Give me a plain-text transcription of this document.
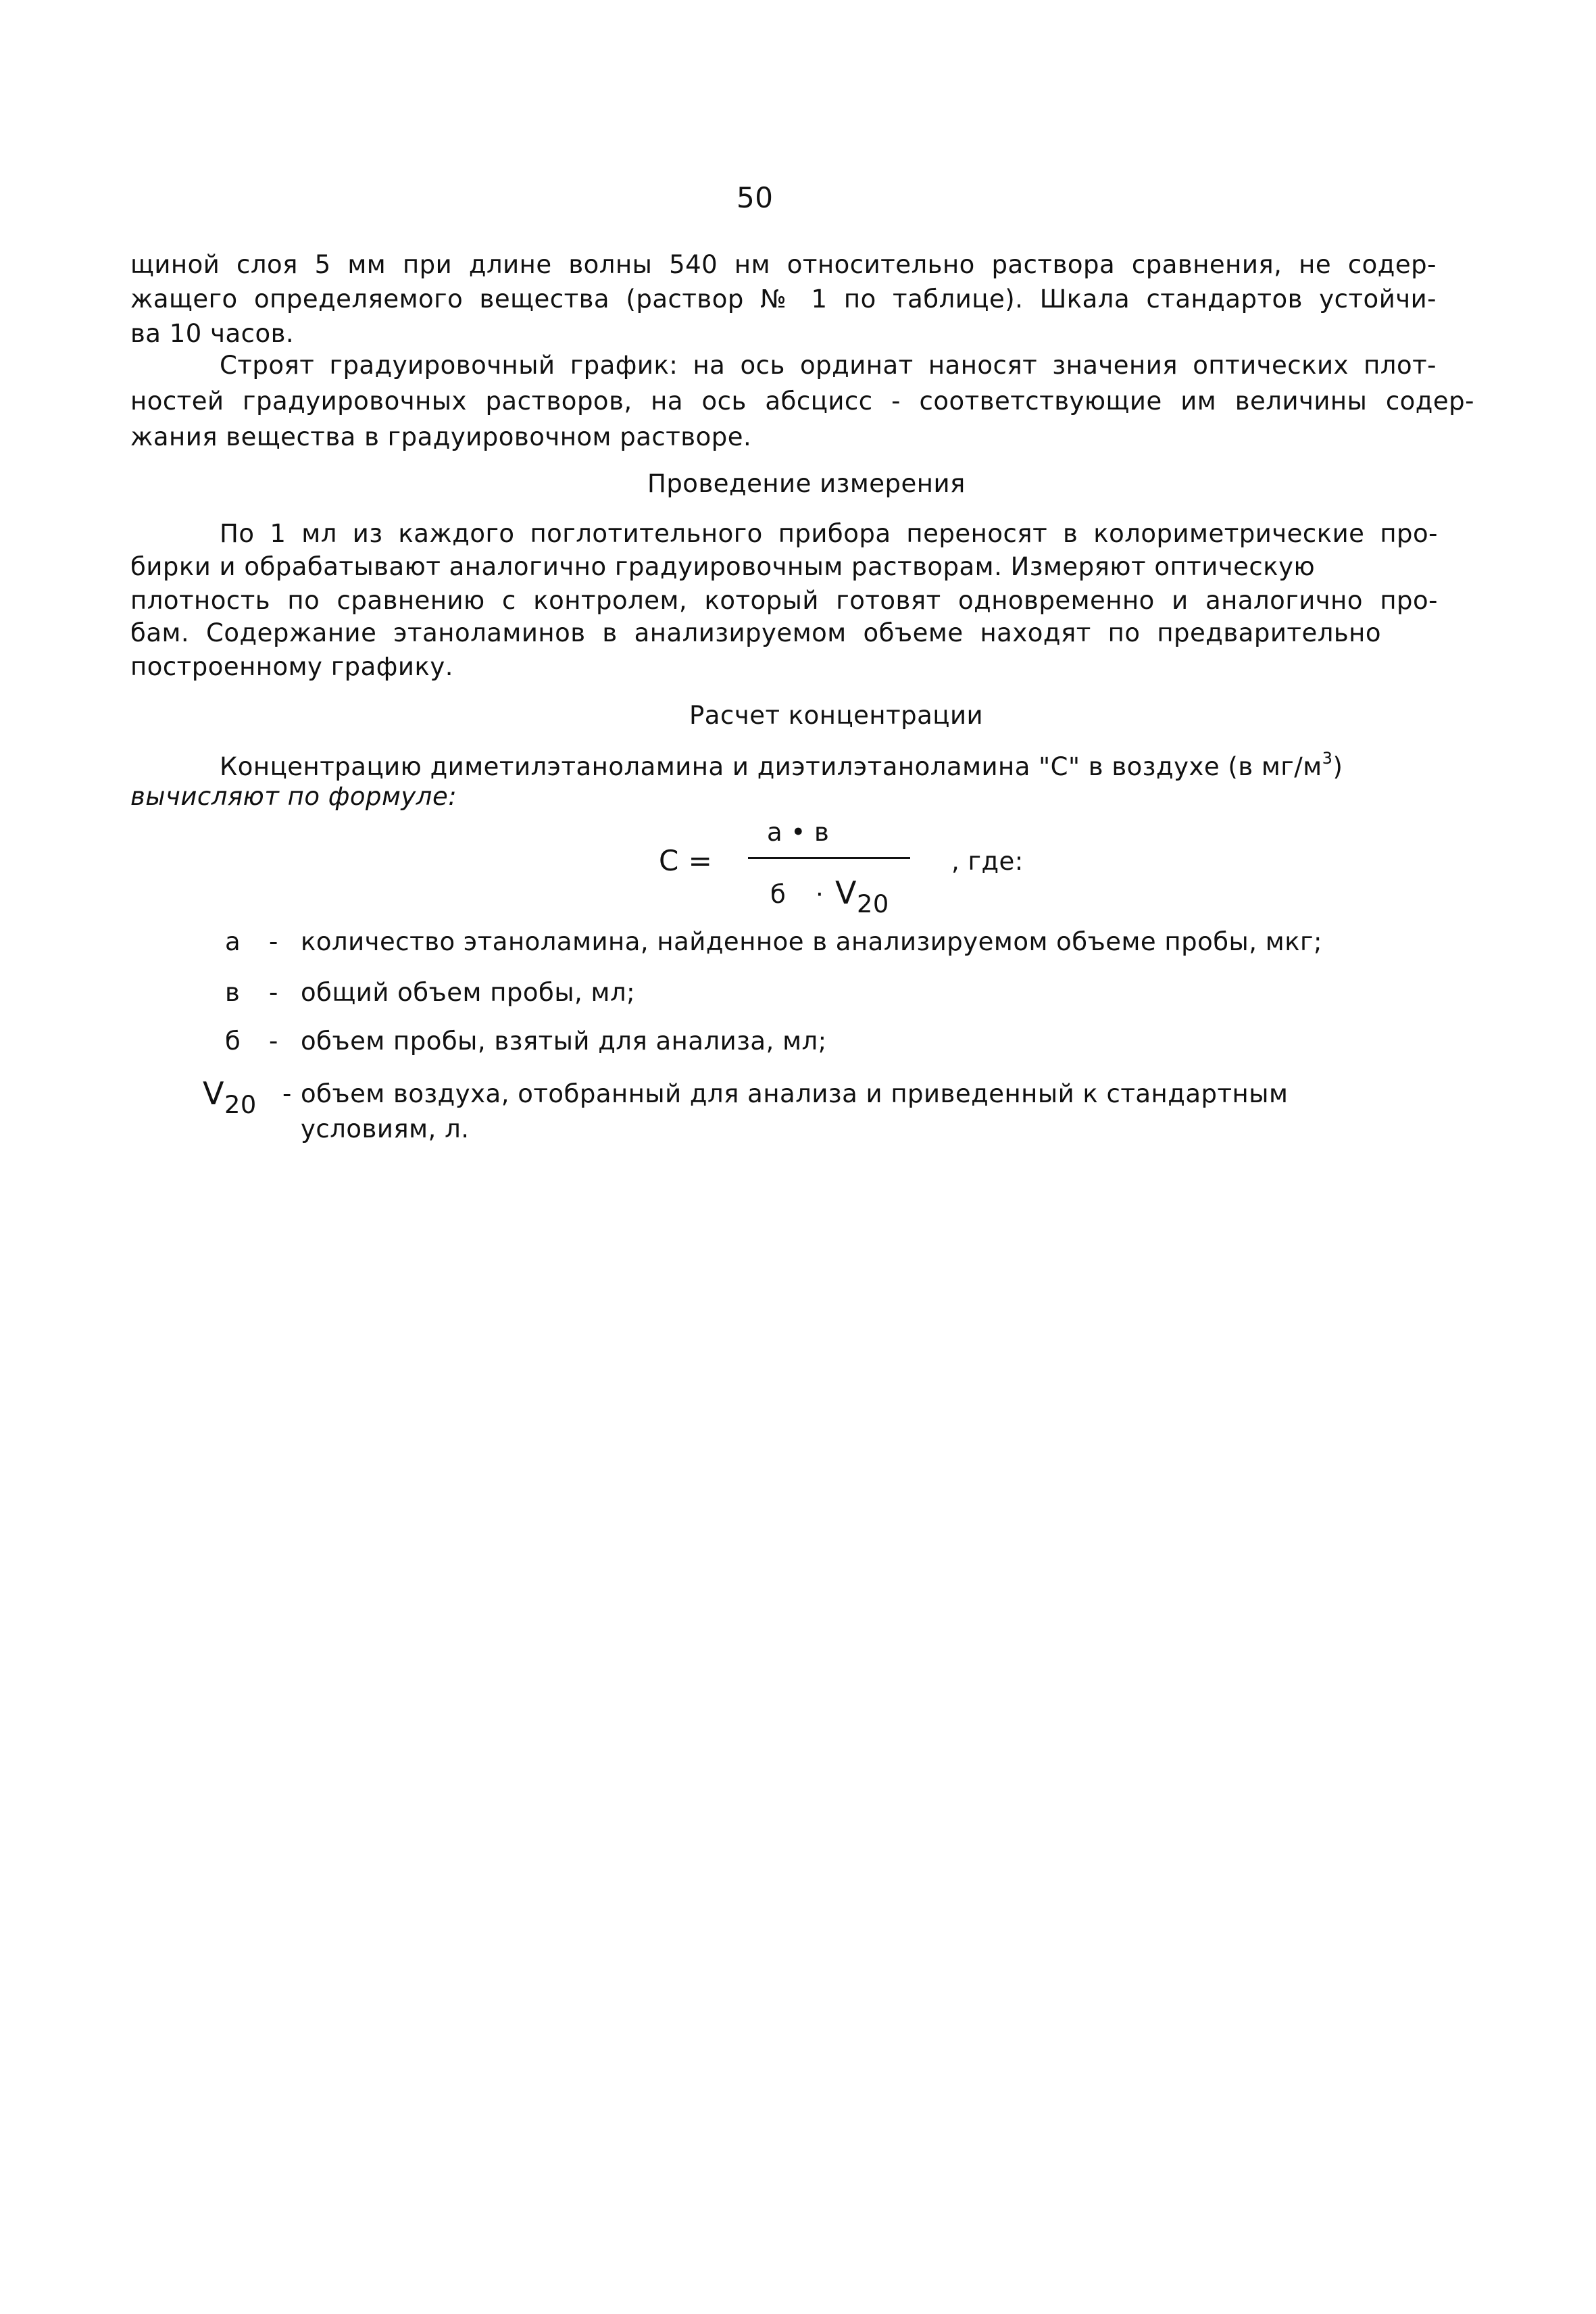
50
щиной слоя 5 мм при длине волны 540 нм относительно раствора сравнения, не содер-
жащего определяемого вещества (раствор № 1 по таблице). Шкала стандартов устойчи-
ва 10 часов.
Строят градуировочный график: на ось ординат наносят значения оптических плот-
ностей градуировочных растворов, на ось абсцисс - соответствующие им величины содер-
жания вещества в градуировочном растворе.
Проведение измерения
По 1 мл из каждого поглотительного прибора переносят в колориметрические про-
бирки и обрабатывают аналогично градуировочным растворам. Измеряют оптическую
плотность по сравнению с контролем, который готовят одновременно и аналогично про-
бам. Содержание этаноламинов в анализируемом объеме находят по предварительно
построенному графику.
Расчет концентрации
Концентрацию диметилэтаноламина и диэтилэтаноламина "С" в воздухе (в $мг/м^3$)
вычисляют по формуле:
а • в
С =	, где:
$б \cdot V_{20}$
а - количество этаноламина, найденное в анализируемом объеме пробы, мкг;
в - общий объем пробы, мл;
б - объем пробы, взятый для анализа, мл;
$V_{20}$ - объем воздуха, отобранный для анализа и приведенный к стандартным
условиям, л.
